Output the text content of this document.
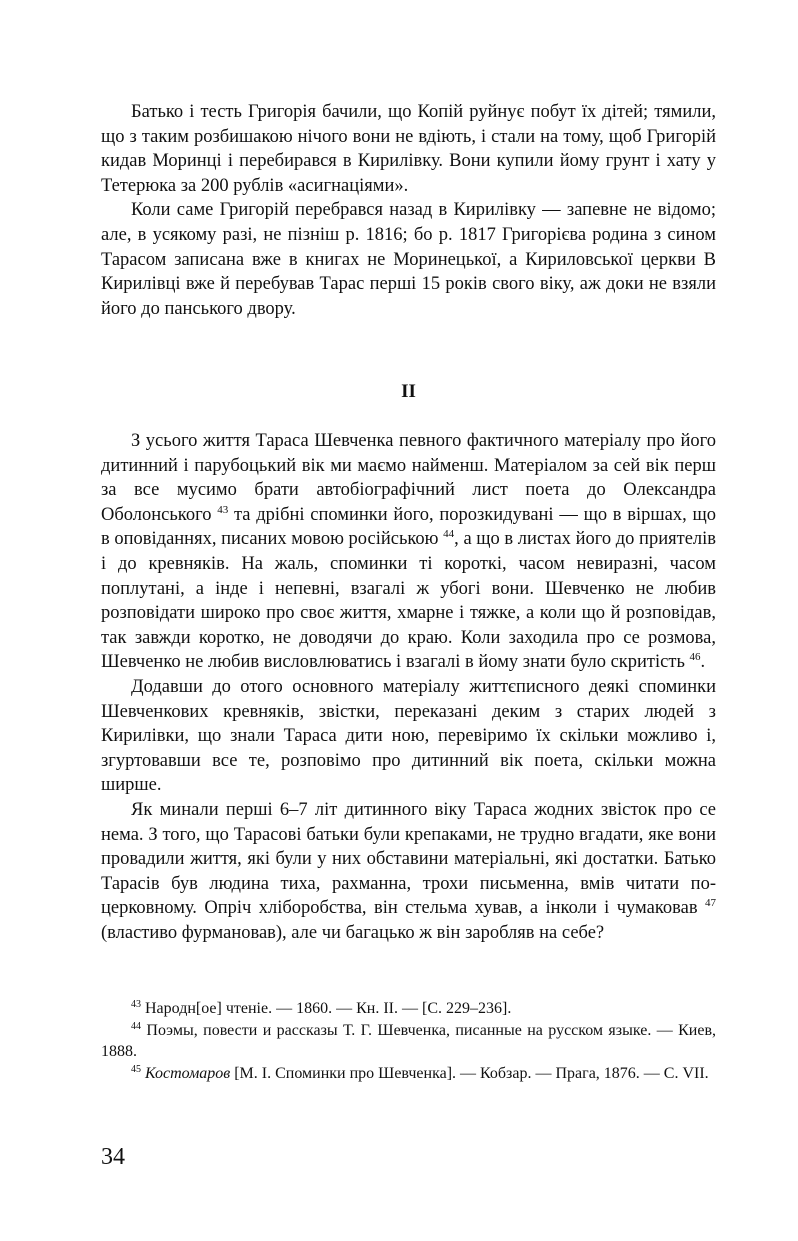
Батько і тесть Григорія бачили, що Копій руйнує побут їх дітей; тямили, що з таким розбишакою нічого вони не вдіють, і стали на тому, щоб Григорій кидав Моринці і перебирався в Кирилівку. Вони купили йому грунт і хату у Тетерюка за 200 рублів «асигнаціями».

Коли саме Григорій перебрався назад в Кирилівку — запевне не відомо; але, в усякому разі, не пізніш р. 1816; бо р. 1817 Григорієва родина з сином Тарасом записана вже в книгах не Моринецької, а Кириловської церкви В Кирилівці вже й перебував Тарас перші 15 років свого віку, аж доки не взяли його до панського двору.

II

З усього життя Тараса Шевченка певного фактичного матеріалу про його дитинний і парубоцький вік ми маємо найменш. Матеріалом за сей вік перш за все мусимо брати автобіографічний лист поета до Олександра Оболонського $^{43}$ та дрібні споминки його, порозкидувані — що в віршах, що в оповіданнях, писаних мовою російською $^{44}$, а що в листах його до приятелів і до кревняків. На жаль, споминки ті короткі, часом невиразні, часом поплутані, а інде і непевні, взагалі ж убогі вони. Шевченко не любив розповідати широко про своє життя, хмарне і тяжке, а коли що й розповідав, так завжди коротко, не доводячи до краю. Коли заходила про се розмова, Шевченко не любив висловлюватись і взагалі в йому знати було скритість $^{46}$.

Додавши до отого основного матеріалу життєписного деякі споминки Шевченкових кревняків, звістки, переказані деким з старих людей з Кирилівки, що знали Тараса дити ною, перевіримо їх скільки можливо і, згуртовавши все те, розповімо про дитинний вік поета, скільки можна ширше.

Як минали перші 6–7 літ дитинного віку Тараса жодних звісток про се нема. З того, що Тарасові батьки були крепаками, не трудно вгадати, яке вони провадили життя, які були у них обставини матеріальні, які достатки. Батько Тарасів був людина тиха, рахманна, трохи письменна, вмів читати по-церковному. Опріч хліборобства, він стельма хував, а інколи і чумаковав $^{47}$ (властиво фурмановав), але чи багацько ж він заробляв на себе?

$^{43}$ Народн[ое] чтеніе. — 1860. — Кн. II. — [С. 229–236].

$^{44}$ Поэмы, повести и рассказы Т. Г. Шевченка, писанные на русском языке. — Киев, 1888.

$^{45}$ Костомаров [М. І. Споминки про Шевченка]. — Кобзар. — Прага, 1876. — С. VII.

34
